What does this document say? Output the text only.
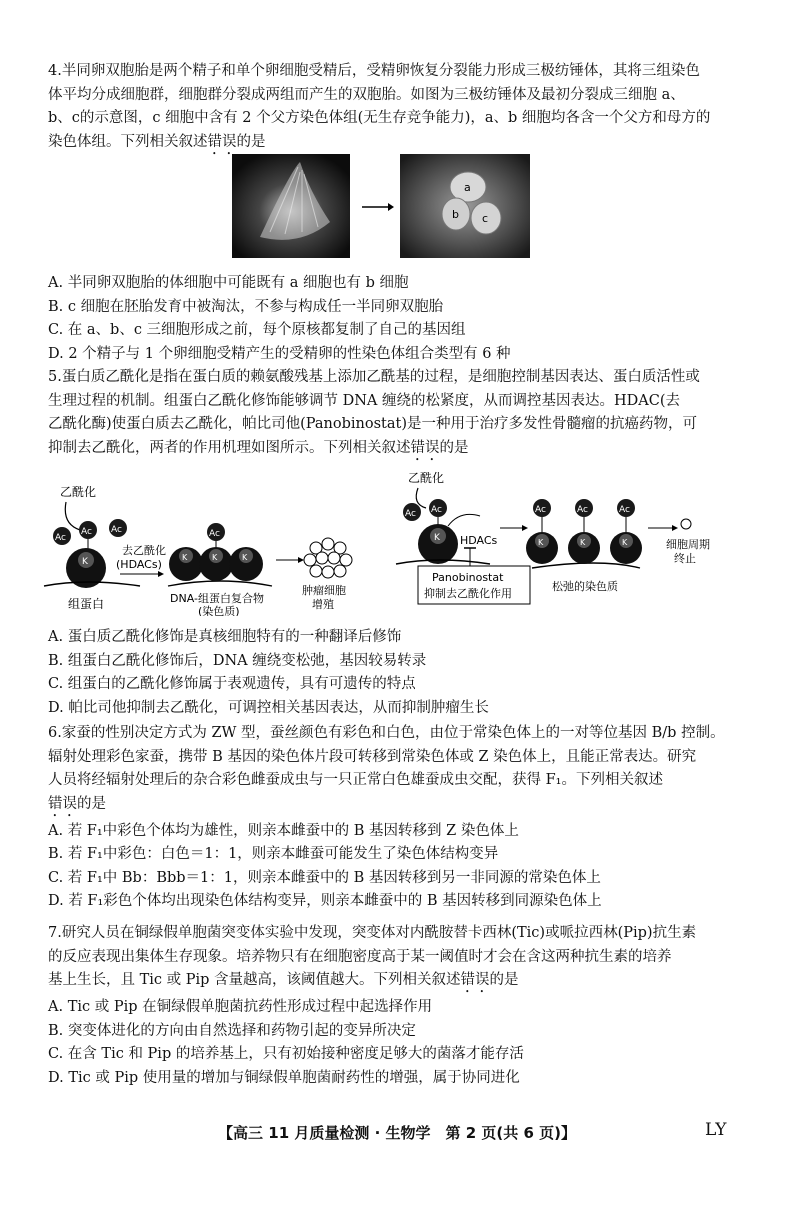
4.半同卵双胞胎是两个精子和单个卵细胞受精后，受精卵恢复分裂能力形成三极纺锤体，其将三组染色

体平均分成细胞群，细胞群分裂成两组而产生的双胞胎。如图为三极纺锤体及最初分裂成三细胞 a、

b、c的示意图，c 细胞中含有 2 个父方染色体组(无生存竞争能力)，a、b 细胞均各含一个父方和母方的

染色体组。下列相关叙述错误的是

a
b c

A. 半同卵双胞胎的体细胞中可能既有 a 细胞也有 b 细胞

B. c 细胞在胚胎发育中被淘汰，不参与构成任一半同卵双胞胎

C. 在 a、b、c 三细胞形成之前，每个原核都复制了自己的基因组

D. 2 个精子与 1 个卵细胞受精产生的受精卵的性染色体组合类型有 6 种

5.蛋白质乙酰化是指在蛋白质的赖氨酸残基上添加乙酰基的过程，是细胞控制基因表达、蛋白质活性或

生理过程的机制。组蛋白乙酰化修饰能够调节 DNA 缠绕的松紧度，从而调控基因表达。HDAC(去

乙酰化酶)使蛋白质去乙酰化，帕比司他(Panobinostat)是一种用于治疗多发性骨髓瘤的抗癌药物，可

抑制去乙酰化，两者的作用机理如图所示。下列相关叙述错误的是

乙酰化
Ac
Ac Ac
K
组蛋白
去乙酰化
(HDACs)
K	K	K
Ac
DNA-组蛋白复合物
(染色质)
肿瘤细胞
增殖
乙酰化
Ac Ac
K HDACs
Panobinostat
抑制去乙酰化作用
K	K	K
Ac	Ac	Ac
松弛的染色质
细胞周期
终止

A. 蛋白质乙酰化修饰是真核细胞特有的一种翻译后修饰

B. 组蛋白乙酰化修饰后，DNA 缠绕变松弛，基因较易转录

C. 组蛋白的乙酰化修饰属于表观遗传，具有可遗传的特点

D. 帕比司他抑制去乙酰化，可调控相关基因表达，从而抑制肿瘤生长

6.家蚕的性别决定方式为 ZW 型，蚕丝颜色有彩色和白色，由位于常染色体上的一对等位基因 B/b 控制。

辐射处理彩色家蚕，携带 B 基因的染色体片段可转移到常染色体或 Z 染色体上，且能正常表达。研究

人员将经辐射处理后的杂合彩色雌蚕成虫与一只正常白色雄蚕成虫交配，获得 F₁。下列相关叙述

错误的是

A. 若 F₁中彩色个体均为雄性，则亲本雌蚕中的 B 基因转移到 Z 染色体上

B. 若 F₁中彩色：白色＝1：1，则亲本雌蚕可能发生了染色体结构变异

C. 若 F₁中 Bb：Bbb＝1：1，则亲本雌蚕中的 B 基因转移到另一非同源的常染色体上

D. 若 F₁彩色个体均出现染色体结构变异，则亲本雌蚕中的 B 基因转移到同源染色体上

7.研究人员在铜绿假单胞菌突变体实验中发现，突变体对内酰胺替卡西林(Tic)或哌拉西林(Pip)抗生素

的反应表现出集体生存现象。培养物只有在细胞密度高于某一阈值时才会在含这两种抗生素的培养

基上生长，且 Tic 或 Pip 含量越高，该阈值越大。下列相关叙述错误的是

A. Tic 或 Pip 在铜绿假单胞菌抗药性形成过程中起选择作用

B. 突变体进化的方向由自然选择和药物引起的变异所决定

C. 在含 Tic 和 Pip 的培养基上，只有初始接种密度足够大的菌落才能存活

D. Tic 或 Pip 使用量的增加与铜绿假单胞菌耐药性的增强，属于协同进化

【高三 11 月质量检测 · 生物学　第 2 页(共 6 页)】	LY
